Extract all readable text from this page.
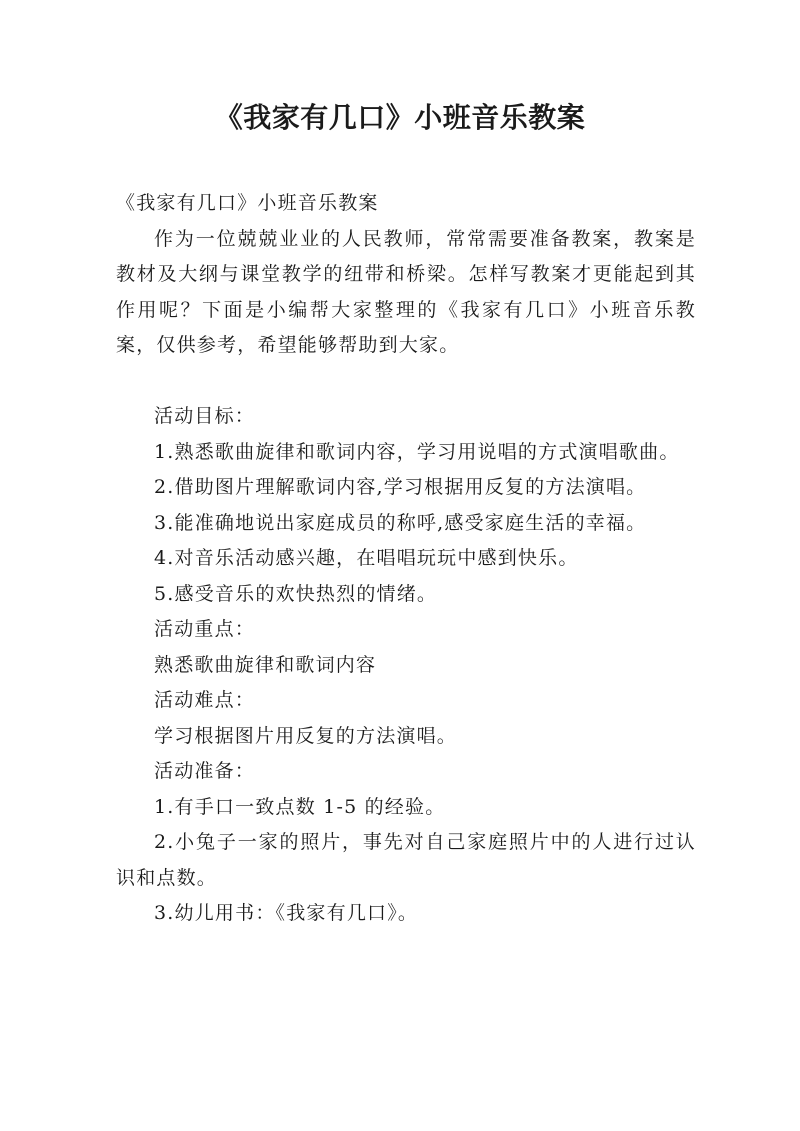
《我家有几口》小班音乐教案

《我家有几口》小班音乐教案

作为一位兢兢业业的人民教师，常常需要准备教案，教案是教材及大纲与课堂教学的纽带和桥梁。怎样写教案才更能起到其作用呢？下面是小编帮大家整理的《我家有几口》小班音乐教案，仅供参考，希望能够帮助到大家。

活动目标：

1.熟悉歌曲旋律和歌词内容，学习用说唱的方式演唱歌曲。

2.借助图片理解歌词内容,学习根据用反复的方法演唱。

3.能准确地说出家庭成员的称呼,感受家庭生活的幸福。

4.对音乐活动感兴趣，在唱唱玩玩中感到快乐。

5.感受音乐的欢快热烈的情绪。

活动重点：

熟悉歌曲旋律和歌词内容

活动难点：

学习根据图片用反复的方法演唱。

活动准备：

1.有手口一致点数 1-5 的经验。

2.小兔子一家的照片，事先对自己家庭照片中的人进行过认识和点数。

3.幼儿用书：《我家有几口》。
